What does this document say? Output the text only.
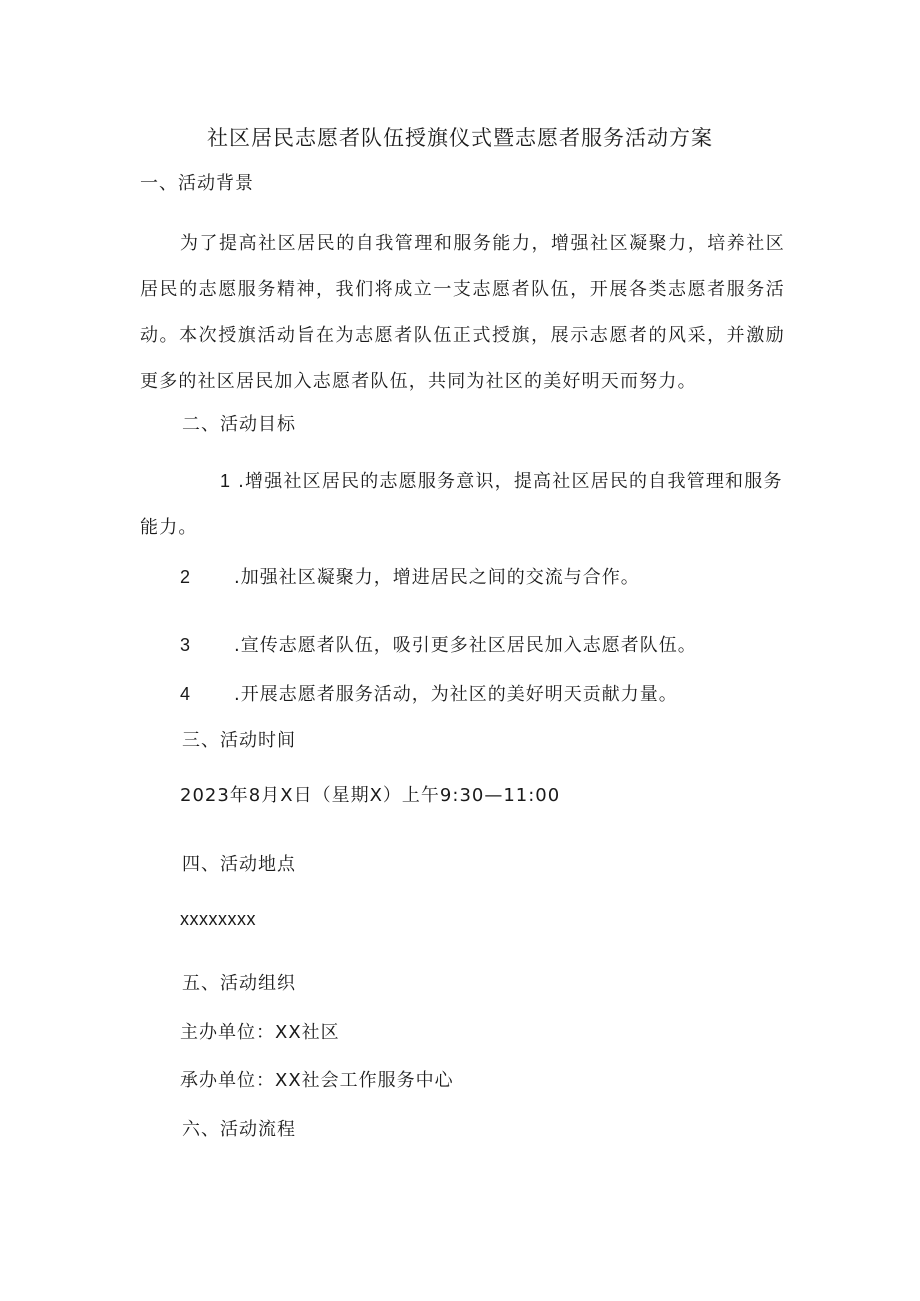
社区居民志愿者队伍授旗仪式暨志愿者服务活动方案
一、活动背景

为了提高社区居民的自我管理和服务能力，增强社区凝聚力，培养社区居民的志愿服务精神，我们将成立一支志愿者队伍，开展各类志愿者服务活动。本次授旗活动旨在为志愿者队伍正式授旗，展示志愿者的风采，并激励更多的社区居民加入志愿者队伍，共同为社区的美好明天而努力。

二、活动目标

1 .增强社区居民的志愿服务意识，提高社区居民的自我管理和服务能力。

2 .加强社区凝聚力，增进居民之间的交流与合作。
3 .宣传志愿者队伍，吸引更多社区居民加入志愿者队伍。
4 .开展志愿者服务活动，为社区的美好明天贡献力量。
三、活动时间
2023年8月X日（星期X）上午9:30—11:00
四、活动地点
xxxxxxxx
五、活动组织
主办单位：XX社区
承办单位：XX社会工作服务中心
六、活动流程
